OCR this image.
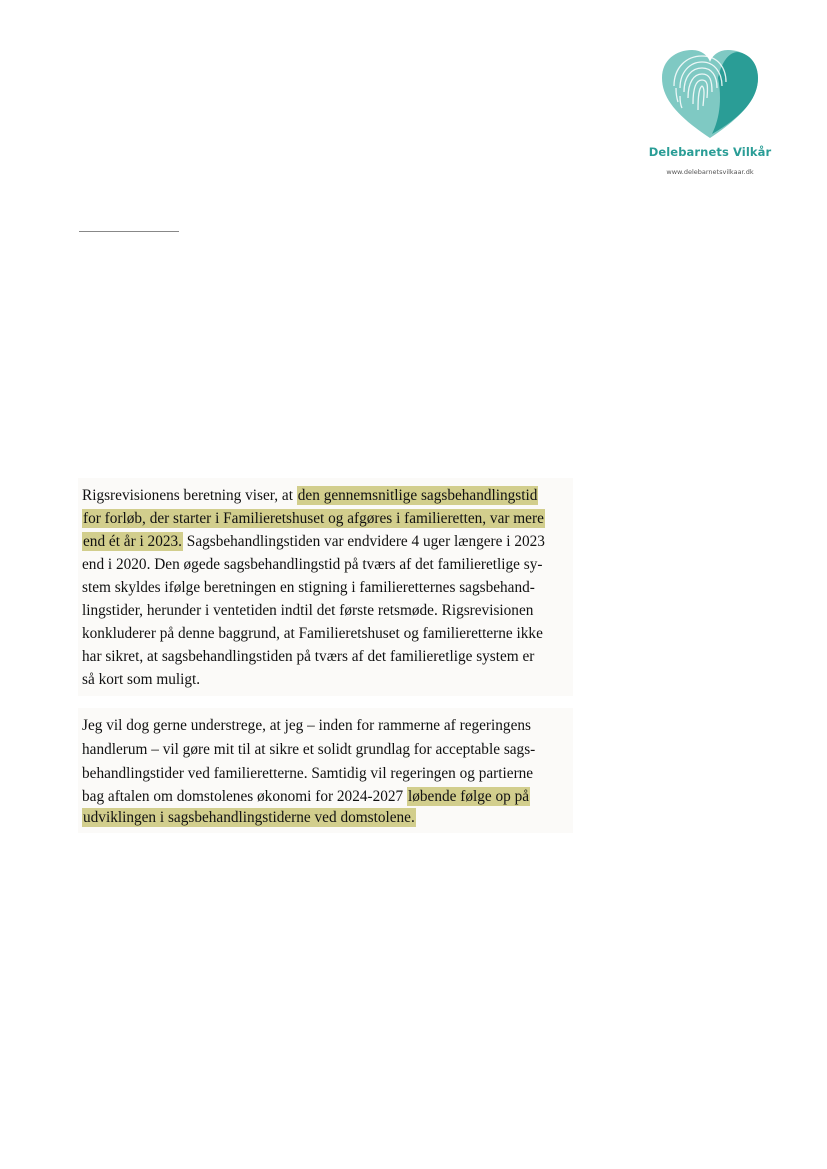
Delebarnets Vilkår
www.delebarnetsvilkaar.dk
Rigsrevisionens beretning viser, at den gennemsnitlige sagsbehandlingstid
for forløb, der starter i Familieretshuset og afgøres i familieretten, var mere
end ét år i 2023. Sagsbehandlingstiden var endvidere 4 uger længere i 2023
end i 2020. Den øgede sagsbehandlingstid på tværs af det familieretlige sy-
stem skyldes ifølge beretningen en stigning i familieretternes sagsbehand-
lingstider, herunder i ventetiden indtil det første retsmøde. Rigsrevisionen
konkluderer på denne baggrund, at Familieretshuset og familieretterne ikke
har sikret, at sagsbehandlingstiden på tværs af det familieretlige system er
så kort som muligt.
Jeg vil dog gerne understrege, at jeg – inden for rammerne af regeringens
handlerum – vil gøre mit til at sikre et solidt grundlag for acceptable sags-
behandlingstider ved familieretterne. Samtidig vil regeringen og partierne
bag aftalen om domstolenes økonomi for 2024-2027 løbende følge op på
udviklingen i sagsbehandlingstiderne ved domstolene.
